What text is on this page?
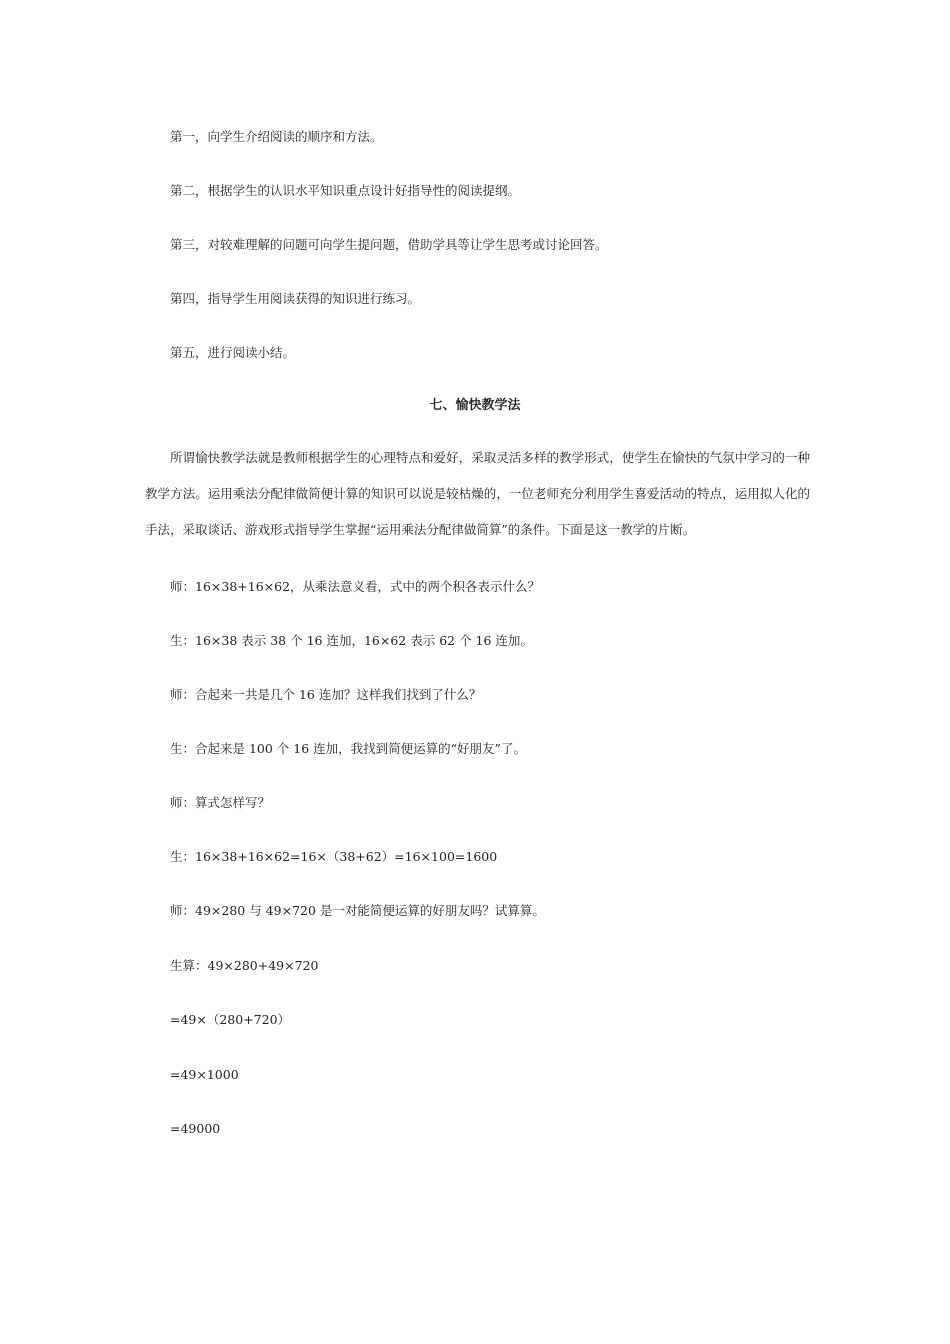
第一，向学生介绍阅读的顺序和方法。
第二，根据学生的认识水平知识重点设计好指导性的阅读提纲。
第三，对较难理解的问题可向学生提问题，借助学具等让学生思考或讨论回答。
第四，指导学生用阅读获得的知识进行练习。
第五，进行阅读小结。
七、愉快教学法
所谓愉快教学法就是教师根据学生的心理特点和爱好，采取灵活多样的教学形式，使学生在愉快的气氛中学习的一种教学方法。运用乘法分配律做简便计算的知识可以说是较枯燥的，一位老师充分利用学生喜爱活动的特点，运用拟人化的手法，采取谈话、游戏形式指导学生掌握“运用乘法分配律做简算”的条件。下面是这一教学的片断。
师：16×38+16×62，从乘法意义看，式中的两个积各表示什么？
生：16×38 表示 38 个 16 连加，16×62 表示 62 个 16 连加。
师：合起来一共是几个 16 连加？这样我们找到了什么？
生：合起来是 100 个 16 连加，我找到简便运算的“好朋友”了。
师：算式怎样写？
生：16×38+16×62=16×（38+62）=16×100=1600
师：49×280 与 49×720 是一对能简便运算的好朋友吗？试算算。
生算：49×280+49×720
=49×（280+720）
=49×1000
=49000
